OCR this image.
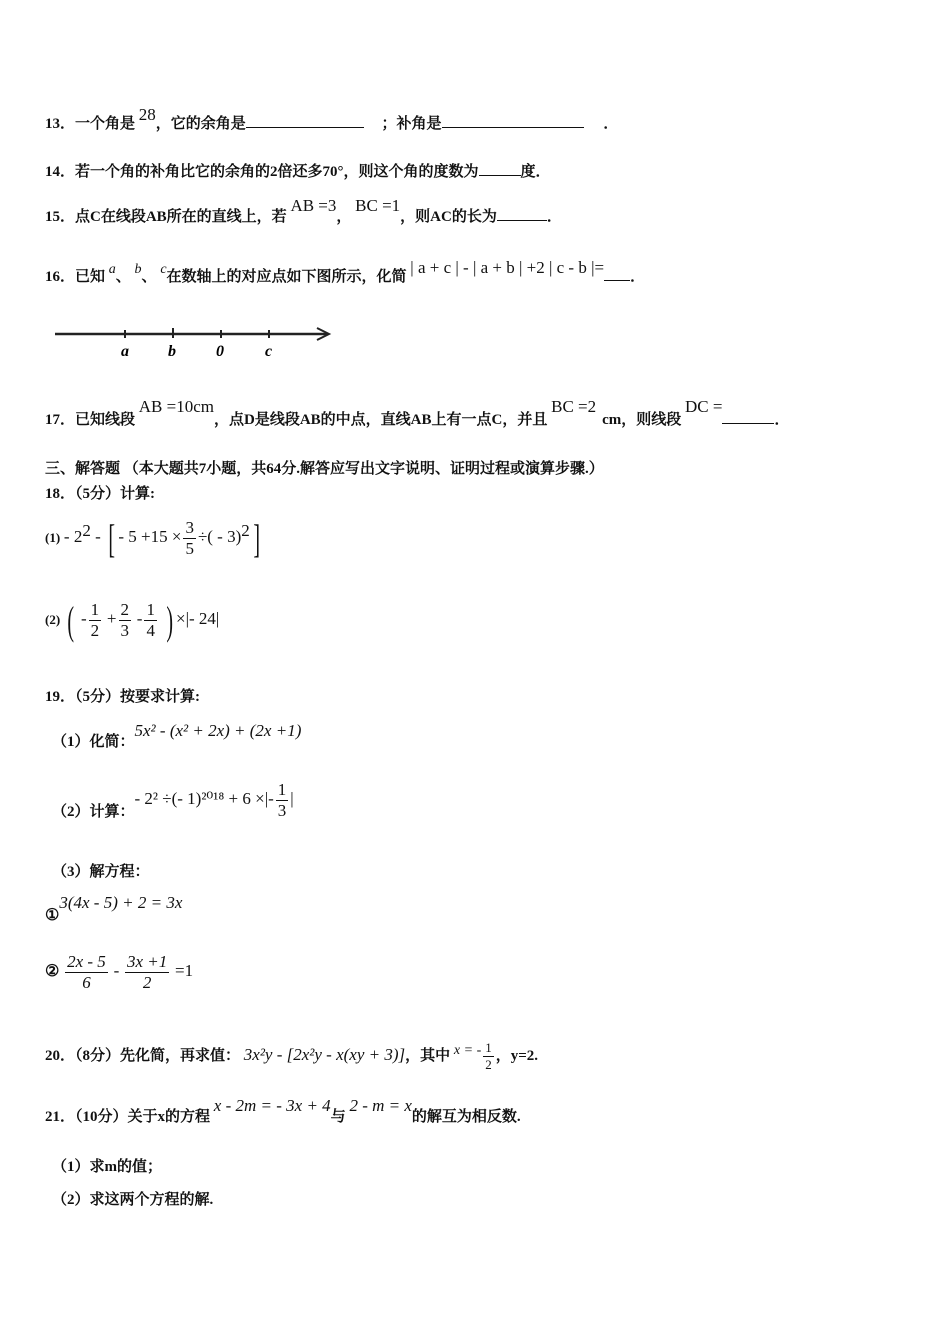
13．一个角是 28，它的余角是	；补角是	．
14．若一个角的补角比它的余角的2倍还多70°，则这个角的度数为	度．
15．点C在线段AB所在的直线上，若 AB =3， BC =1，则AC的长为	．
16．已知 a、 b、 c在数轴上的对应点如下图所示，化简 | a + c | - | a + b | +2 | c - b |= ．
a b	0	c
17．已知线段 AB =10cm，点D是线段AB的中点，直线AB上有一点C，并且 BC =2cm，则线段 DC =．
三、解答题 （本大题共7小题，共64分.解答应写出文字说明、证明过程或演算步骤.）
18．（5分）计算:
$(1) - 2^2$ - [ - $5 +15 \times \frac{3}{5}$ ÷( - 3)$^2$]
(2) ( - $\frac{1}{2} + \frac{2}{3} - \frac{1}{4}$ ) ×|- 24|
19．（5分）按要求计算:
（1）化简：5x² - (x² + 2x) + (2x +1)
（2）计算：- 2² ÷(- 1)²⁰¹⁸ + 6 ×|- $\frac{1}{3}$ |
（3）解方程：
①3(4x - 5) + 2 = 3x
② $\frac{2x - 5}{6} - \frac{3x +1}{2} =1$
20．（8分）先化简，再求值： 3x²y - [2x²y - x(xy + 3)]，其中 x = - $\frac{1}{2}$ ，y=2.
21．（10分）关于x的方程 x - 2m = - 3x + 4与 2 - m = x的解互为相反数.
（1）求m的值；
（2）求这两个方程的解.
